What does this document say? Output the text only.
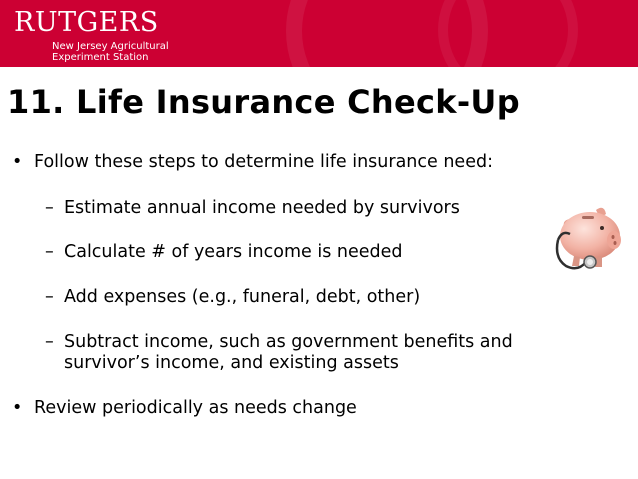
RUTGERS
New Jersey Agricultural
Experiment Station
11. Life Insurance Check-Up
• Follow these steps to determine life insurance need:
– Estimate annual income needed by survivors
– Calculate # of years income is needed
– Add expenses (e.g., funeral, debt, other)
– Subtract income, such as government benefits and
survivor’s income, and existing assets
• Review periodically as needs change
